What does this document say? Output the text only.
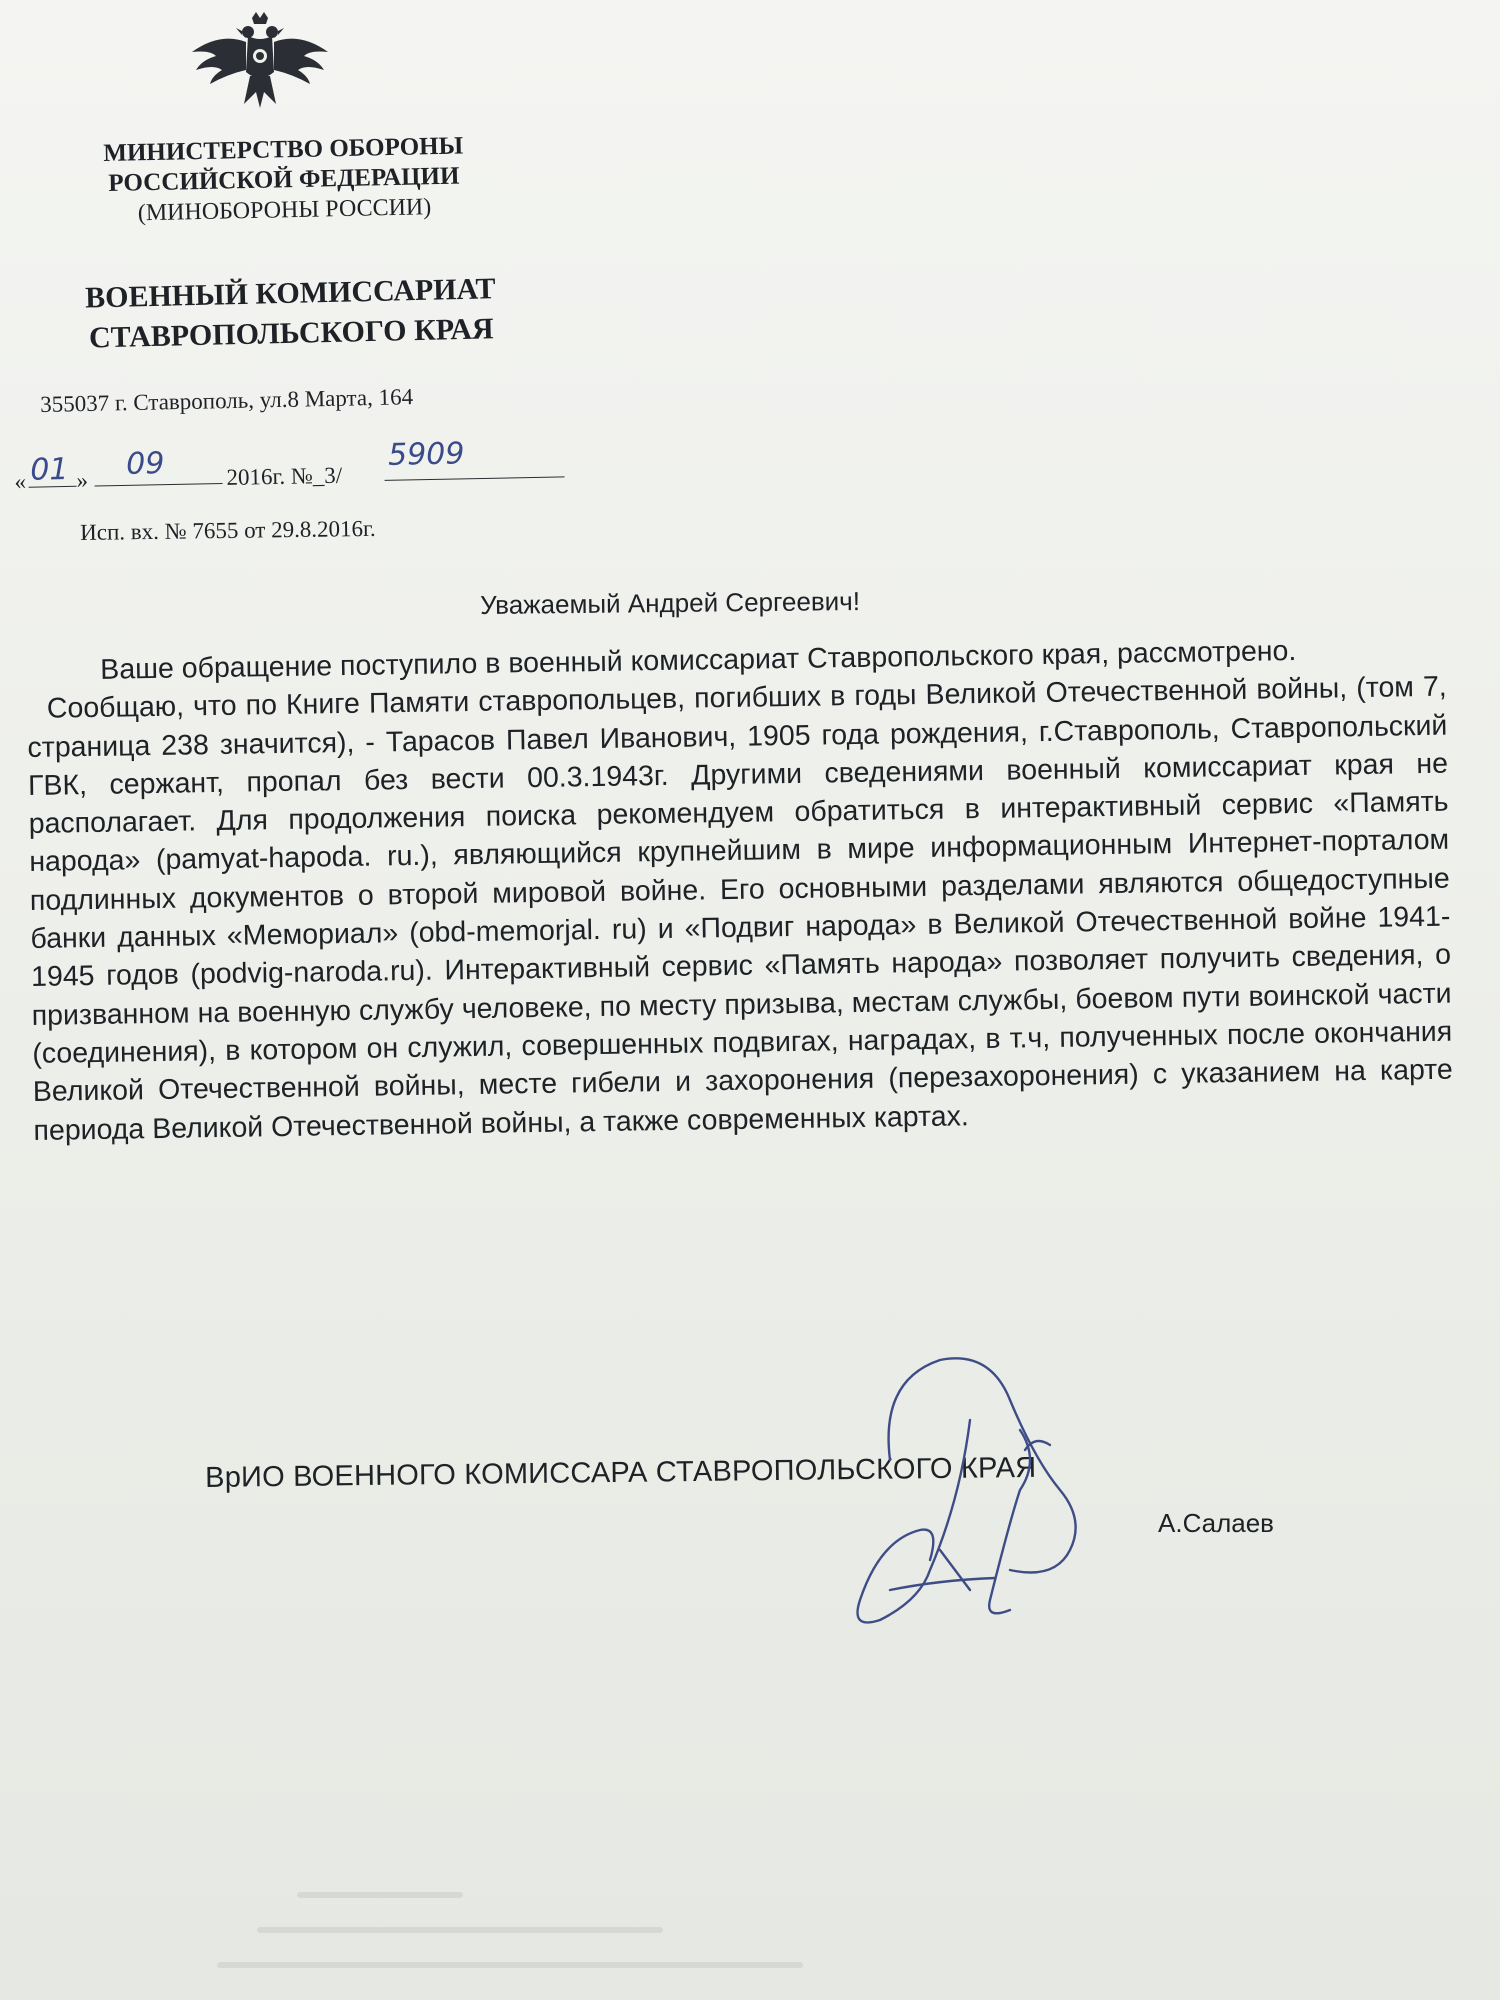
МИНИСТЕРСТВО ОБОРОНЫ

РОССИЙСКОЙ ФЕДЕРАЦИИ

(МИНОБОРОНЫ РОССИИ)

ВОЕННЫЙ КОМИССАРИАТ
СТАВРОПОЛЬСКОГО КРАЯ
355037 г. Ставрополь, ул.8 Марта, 164
« 01 » 09	2016г. №_3/
5909
Исп. вх. № 7655 от 29.8.2016г.
Уважаемый Андрей Сергеевич!

Ваше обращение поступило в военный комиссариат Ставропольского края, рассмотрено.

Сообщаю, что по Книге Памяти ставропольцев, погибших в годы Великой Отечественной войны, (том 7, страница 238 значится), - Тарасов Павел Иванович, 1905 года рождения, г.Ставрополь, Ставропольский ГВК, сержант, пропал без вести 00.3.1943г. Другими сведениями военный комиссариат края не располагает. Для продолжения поиска рекомендуем обратиться в интерактивный сервис «Память народа» (pamyat-hapoda. ru.), являющийся крупнейшим в мире информационным Интернет-порталом подлинных документов о второй мировой войне. Его основными разделами являются общедоступные банки данных «Мемориал» (obd-memorjal. ru) и «Подвиг народа» в Великой Отечественной войне 1941-1945 годов (podvig-naroda.ru). Интерактивный сервис «Память народа» позволяет получить сведения, о призванном на военную службу человеке, по месту призыва, местам службы, боевом пути воинской части (соединения), в котором он служил, совершенных подвигах, наградах, в т.ч, полученных после окончания Великой Отечественной войны, месте гибели и захоронения (перезахоронения) с указанием на карте периода Великой Отечественной войны, а также современных картах.

ВрИО ВОЕННОГО КОМИССАРА СТАВРОПОЛЬСКОГО КРАЯ
А.Салаев
